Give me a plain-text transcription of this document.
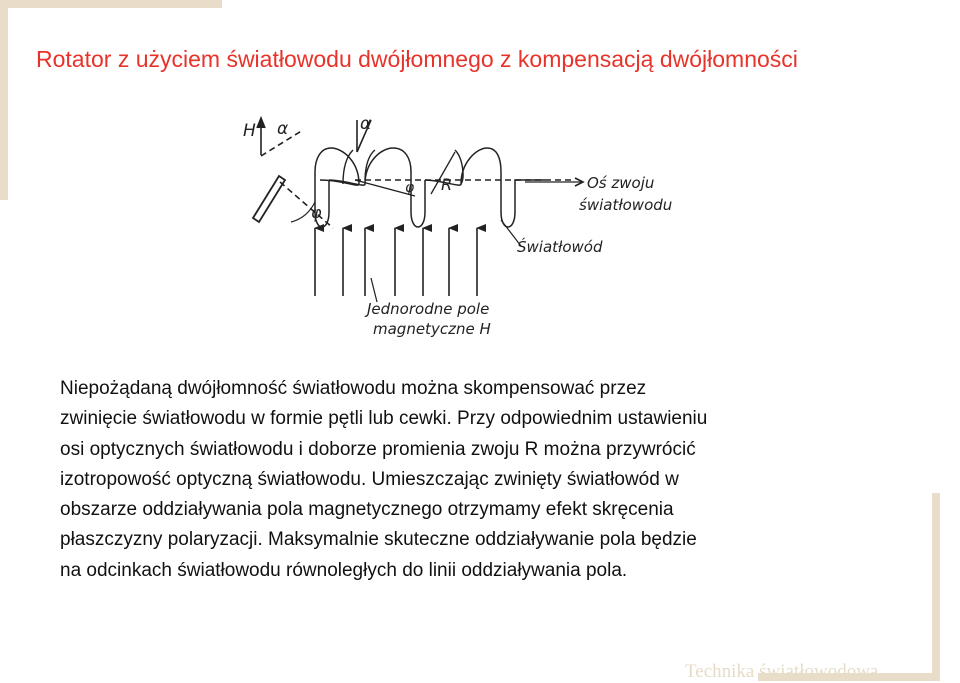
Rotator z użyciem światłowodu dwójłomnego z kompensacją dwójłomności
H α	α
φ
φ R	Oś zwoju
światłowodu
Światłowód
Jednorodne pole
magnetyczne H

Niepożądaną dwójłomność światłowodu można skompensować przez

zwinięcie światłowodu w formie pętli lub cewki. Przy odpowiednim ustawieniu

osi optycznych światłowodu i doborze promienia zwoju R można przywrócić

izotropowość optyczną światłowodu. Umieszczając zwinięty światłowód w

obszarze oddziaływania pola magnetycznego otrzymamy efekt skręcenia

płaszczyzny polaryzacji. Maksymalnie skuteczne oddziaływanie pola będzie

na odcinkach światłowodu równoległych do linii oddziaływania pola.

Technika światłowodowa
